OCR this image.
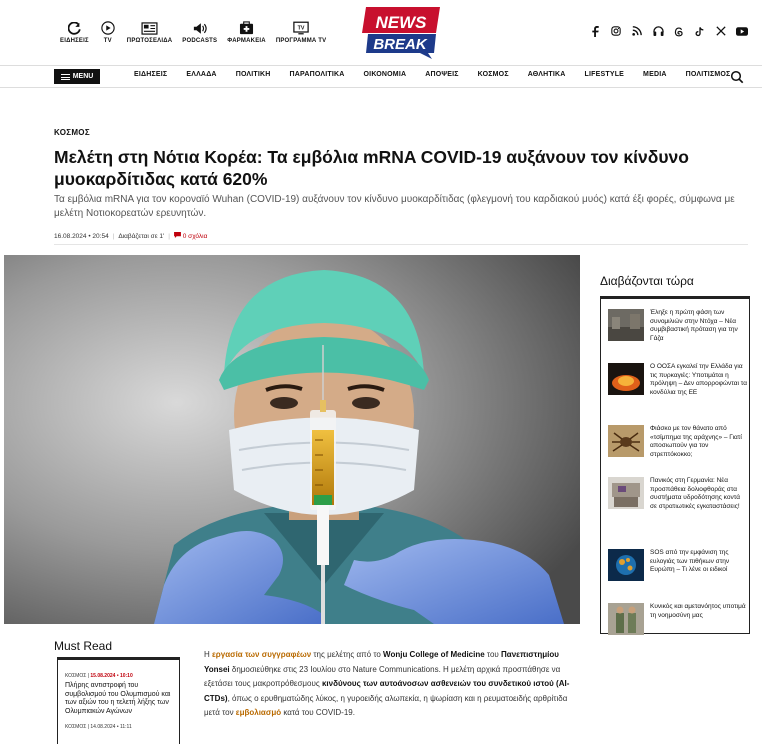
ΕΙΔΗΣΕΙΣ TV ΠΡΩΤΟΣΕΛΙΔΑ PODCASTS ΦΑΡΜΑΚΕΙΑ
TV
ΠΡΟΓΡΑΜΜΑ TV
NEWS
BREAK
MENU	ΕΙΔΗΣΕΙΣ	ΕΛΛΑΔΑ	ΠΟΛΙΤΙΚΗ	ΠΑΡΑΠΟΛΙΤΙΚΑ	ΟΙΚΟΝΟΜΙΑ	ΑΠΟΨΕΙΣ	ΚΟΣΜΟΣ	ΑΘΛΗΤΙΚΑ	LIFESTYLE	MEDIA	ΠΟΛΙΤΙΣΜΟΣ
ΚΟΣΜΟΣ
Μελέτη στη Νότια Κορέα: Τα εμβόλια mRNA COVID-19 αυξάνουν τον κίνδυνο μυοκαρδίτιδας κατά 620%

Τα εμβόλια mRNA για τον κοροναϊό Wuhan (COVID-19) αυξάνουν τον κίνδυνο μυοκαρδίτιδας (φλεγμονή του καρδιακού μυός) κατά έξι φορές, σύμφωνα με μελέτη Νοτιοκορεατών ερευνητών.

16.08.2024 • 20:54 | Διαβάζεται σε 1' |	0 σχόλια
Must Read
ΚΟΣΜΟΣ | 15.08.2024 • 10:10
Πλήρης αντιστροφή του συμβολισμού του Ολυμπισμού και των αξιών του η τελετή λήξης των Ολυμπιακών Αγώνων
ΚΟΣΜΟΣ | 14.08.2024 • 11:11

Η εργασία των συγγραφέων της μελέτης από το Wonju College of Medicine του Πανεπιστημίου Yonsei δημοσιεύθηκε στις 23 Ιουλίου στο Nature Communications. Η μελέτη αρχικά προσπάθησε να εξετάσει τους μακροπρόθεσμους κινδύνους των αυτοάνοσων ασθενειών του συνδετικού ιστού (AI-CTDs), όπως ο ερυθηματώδης λύκος, η γυροειδής αλωπεκία, η ψωρίαση και η ρευματοειδής αρθρίτιδα μετά τον εμβολιασμό κατά του COVID-19.

Διαβάζονται τώρα
Έληξε η πρώτη φάση των συνομιλιών στην Ντόχα – Νέα συμβιβαστική πρόταση για την Γάζα
Ο ΟΟΣΑ εγκαλεί την Ελλάδα για τις πυρκαγιές: Υποτιμάται η πρόληψη – Δεν απορροφώνται τα κονδύλια της ΕΕ
Φιάσκο με τον θάνατο από «τσίμπημα της αράχνης» – Γιατί αποσιωπούν για τον στρεπτόκοκκο;
Πανικός στη Γερμανία: Νέα προσπάθεια δολιοφθοράς στα συστήματα υδροδότησης κοντά σε στρατιωτικές εγκαταστάσεις!
SOS από την εμφάνιση της ευλογιάς των πιθήκων στην Ευρώπη – Τι λένε οι ειδικοί
Κυνικός και αμετανόητος υποτιμά τη νοημοσύνη μας
